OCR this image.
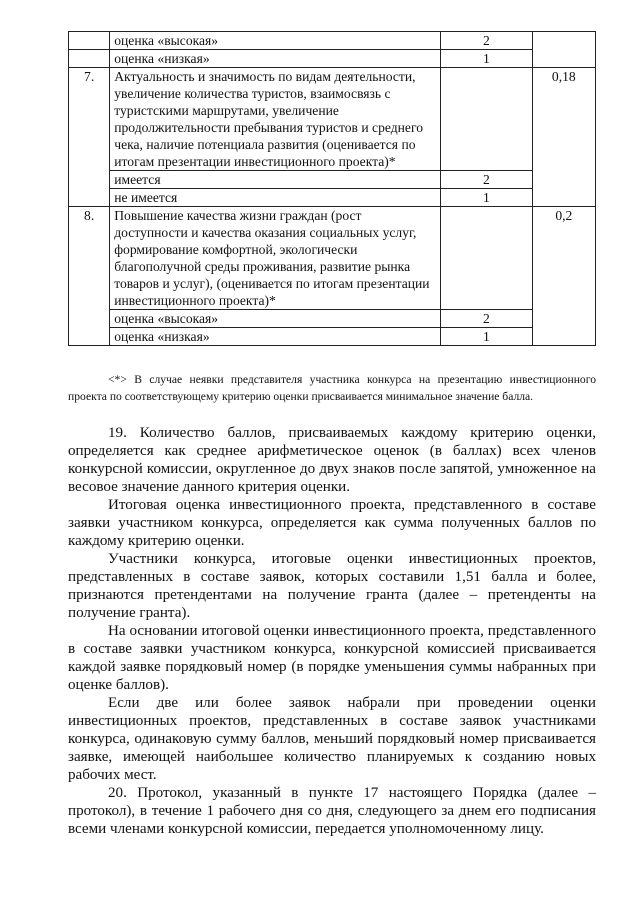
	оценка «высокая»	2	
	оценка «низкая»	1	
7.	Актуальность и значимость по видам деятельности, увеличение количества туристов, взаимосвязь с туристскими маршрутами, увеличение продолжительности пребывания туристов и среднего чека, наличие потенциала развития (оценивается по итогам презентации инвестиционного проекта)*		0,18
	имеется	2	
	не имеется	1	
8.	Повышение качества жизни граждан (рост доступности и качества оказания социальных услуг, формирование комфортной, экологически благополучной среды проживания, развитие рынка товаров и услуг), (оценивается по итогам презентации инвестиционного проекта)*		0,2
	оценка «высокая»	2	
	оценка «низкая»	1	

<*> В случае неявки представителя участника конкурса на презентацию инвестиционного проекта по соответствующему критерию оценки присваивается минимальное значение балла.

19. Количество баллов, присваиваемых каждому критерию оценки, определяется как среднее арифметическое оценок (в баллах) всех членов конкурсной комиссии, округленное до двух знаков после запятой, умноженное на весовое значение данного критерия оценки.

Итоговая оценка инвестиционного проекта, представленного в составе заявки участником конкурса, определяется как сумма полученных баллов по каждому критерию оценки.

Участники конкурса, итоговые оценки инвестиционных проектов, представленных в составе заявок, которых составили 1,51 балла и более, признаются претендентами на получение гранта (далее – претенденты на получение гранта).

На основании итоговой оценки инвестиционного проекта, представленного в составе заявки участником конкурса, конкурсной комиссией присваивается каждой заявке порядковый номер (в порядке уменьшения суммы набранных при оценке баллов).

Если две или более заявок набрали при проведении оценки инвестиционных проектов, представленных в составе заявок участниками конкурса, одинаковую сумму баллов, меньший порядковый номер присваивается заявке, имеющей наибольшее количество планируемых к созданию новых рабочих мест.

20. Протокол, указанный в пункте 17 настоящего Порядка (далее – протокол), в течение 1 рабочего дня со дня, следующего за днем его подписания всеми членами конкурсной комиссии, передается уполномоченному лицу.
